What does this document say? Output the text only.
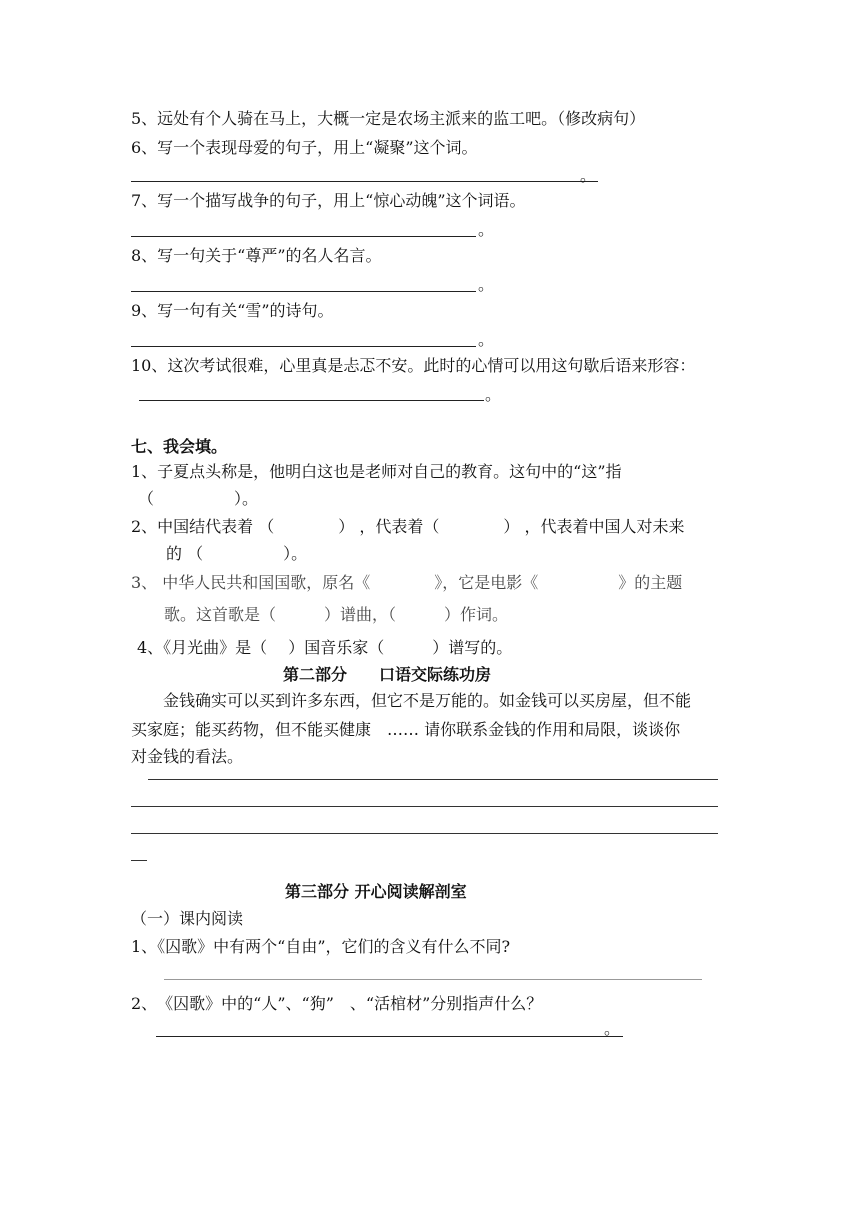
5、远处有个人骑在马上，大概一定是农场主派来的监工吧。（修改病句）
6、写一个表现母爱的句子，用上“凝聚”这个词。
。
7、写一个描写战争的句子，用上“惊心动魄”这个词语。
。
8、写一句关于“尊严”的名人名言。
。
9、写一句有关“雪”的诗句。
。
10、这次考试很难，心里真是忐忑不安。此时的心情可以用这句歇后语来形容：
。
七、我会填。
1、子夏点头称是，他明白这也是老师对自己的教育。这句中的“这”指
（　　　　　）。
2、中国结代表着 （　　　　） ，代表着（　　　　） ，代表着中国人对未来
的 （　　　　　）。
3、 中华人民共和国国歌，原名《　　　　》，它是电影《　　　　　》的主题
歌。这首歌是（　　　）谱曲，（　　　）作词。
4、《月光曲》是（　 ）国音乐家（　　　）谱写的。
第二部分　　口语交际练功房
金钱确实可以买到许多东西，但它不是万能的。如金钱可以买房屋，但不能
买家庭；能买药物，但不能买健康　…… 请你联系金钱的作用和局限，谈谈你
对金钱的看法。
第三部分 开心阅读解剖室
（一）课内阅读
1、《囚歌》中有两个“自由”，它们的含义有什么不同?
2、　《囚歌》中的“人”、“狗”　、“活棺材”分别指声什么？
。
